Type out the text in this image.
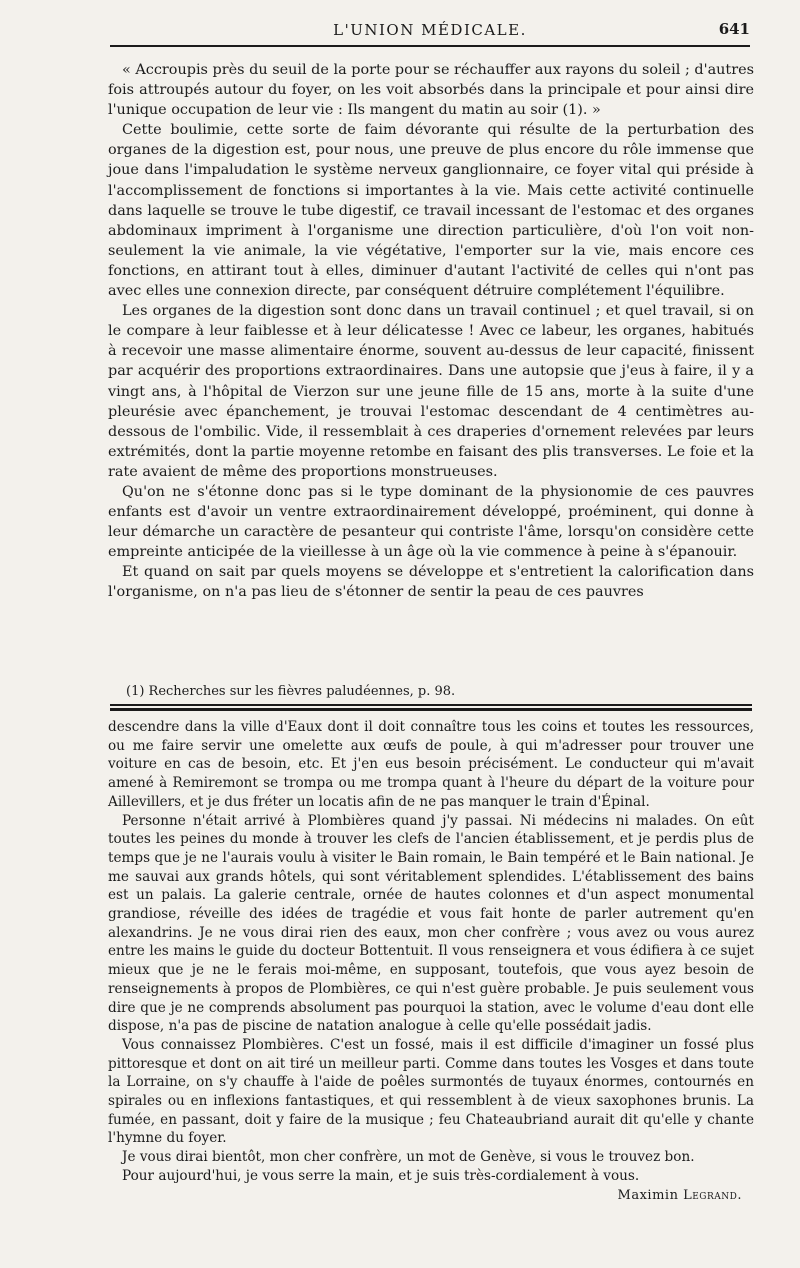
L'UNION MÉDICALE.	641

« Accroupis près du seuil de la porte pour se réchauffer aux rayons du soleil ; d'autres fois attroupés autour du foyer, on les voit absorbés dans la principale et pour ainsi dire l'unique occupation de leur vie : Ils mangent du matin au soir (1). »

Cette boulimie, cette sorte de faim dévorante qui résulte de la perturbation des organes de la digestion est, pour nous, une preuve de plus encore du rôle immense que joue dans l'impaludation le système nerveux ganglionnaire, ce foyer vital qui préside à l'accomplissement de fonctions si importantes à la vie. Mais cette activité continuelle dans laquelle se trouve le tube digestif, ce travail incessant de l'estomac et des organes abdominaux impriment à l'organisme une direction particulière, d'où l'on voit non-seulement la vie animale, la vie végétative, l'emporter sur la vie, mais encore ces fonctions, en attirant tout à elles, diminuer d'autant l'activité de celles qui n'ont pas avec elles une connexion directe, par conséquent détruire complétement l'équilibre.

Les organes de la digestion sont donc dans un travail continuel ; et quel travail, si on le compare à leur faiblesse et à leur délicatesse ! Avec ce labeur, les organes, habitués à recevoir une masse alimentaire énorme, souvent au-dessus de leur capacité, finissent par acquérir des proportions extraordinaires. Dans une autopsie que j'eus à faire, il y a vingt ans, à l'hôpital de Vierzon sur une jeune fille de 15 ans, morte à la suite d'une pleurésie avec épanchement, je trouvai l'estomac descendant de 4 centimètres au-dessous de l'ombilic. Vide, il ressemblait à ces draperies d'ornement relevées par leurs extrémités, dont la partie moyenne retombe en faisant des plis transverses. Le foie et la rate avaient de même des proportions monstrueuses.

Qu'on ne s'étonne donc pas si le type dominant de la physionomie de ces pauvres enfants est d'avoir un ventre extraordinairement développé, proéminent, qui donne à leur démarche un caractère de pesanteur qui contriste l'âme, lorsqu'on considère cette empreinte anticipée de la vieillesse à un âge où la vie commence à peine à s'épanouir.

Et quand on sait par quels moyens se développe et s'entretient la calorification dans l'organisme, on n'a pas lieu de s'étonner de sentir la peau de ces pauvres

(1) Recherches sur les fièvres paludéennes, p. 98.

descendre dans la ville d'Eaux dont il doit connaître tous les coins et toutes les ressources, ou me faire servir une omelette aux œufs de poule, à qui m'adresser pour trouver une voiture en cas de besoin, etc. Et j'en eus besoin précisément. Le conducteur qui m'avait amené à Remiremont se trompa ou me trompa quant à l'heure du départ de la voiture pour Aillevillers, et je dus fréter un locatis afin de ne pas manquer le train d'Épinal.

Personne n'était arrivé à Plombières quand j'y passai. Ni médecins ni malades. On eût toutes les peines du monde à trouver les clefs de l'ancien établissement, et je perdis plus de temps que je ne l'aurais voulu à visiter le Bain romain, le Bain tempéré et le Bain national. Je me sauvai aux grands hôtels, qui sont véritablement splendides. L'établissement des bains est un palais. La galerie centrale, ornée de hautes colonnes et d'un aspect monumental grandiose, réveille des idées de tragédie et vous fait honte de parler autrement qu'en alexandrins. Je ne vous dirai rien des eaux, mon cher confrère ; vous avez ou vous aurez entre les mains le guide du docteur Bottentuit. Il vous renseignera et vous édifiera à ce sujet mieux que je ne le ferais moi-même, en supposant, toutefois, que vous ayez besoin de renseignements à propos de Plombières, ce qui n'est guère probable. Je puis seulement vous dire que je ne comprends absolument pas pourquoi la station, avec le volume d'eau dont elle dispose, n'a pas de piscine de natation analogue à celle qu'elle possédait jadis.

Vous connaissez Plombières. C'est un fossé, mais il est difficile d'imaginer un fossé plus pittoresque et dont on ait tiré un meilleur parti. Comme dans toutes les Vosges et dans toute la Lorraine, on s'y chauffe à l'aide de poêles surmontés de tuyaux énormes, contournés en spirales ou en inflexions fantastiques, et qui ressemblent à de vieux saxophones brunis. La fumée, en passant, doit y faire de la musique ; feu Chateaubriand aurait dit qu'elle y chante l'hymne du foyer.

Je vous dirai bientôt, mon cher confrère, un mot de Genève, si vous le trouvez bon.

Pour aujourd'hui, je vous serre la main, et je suis très-cordialement à vous.

Maximin Legrand.
